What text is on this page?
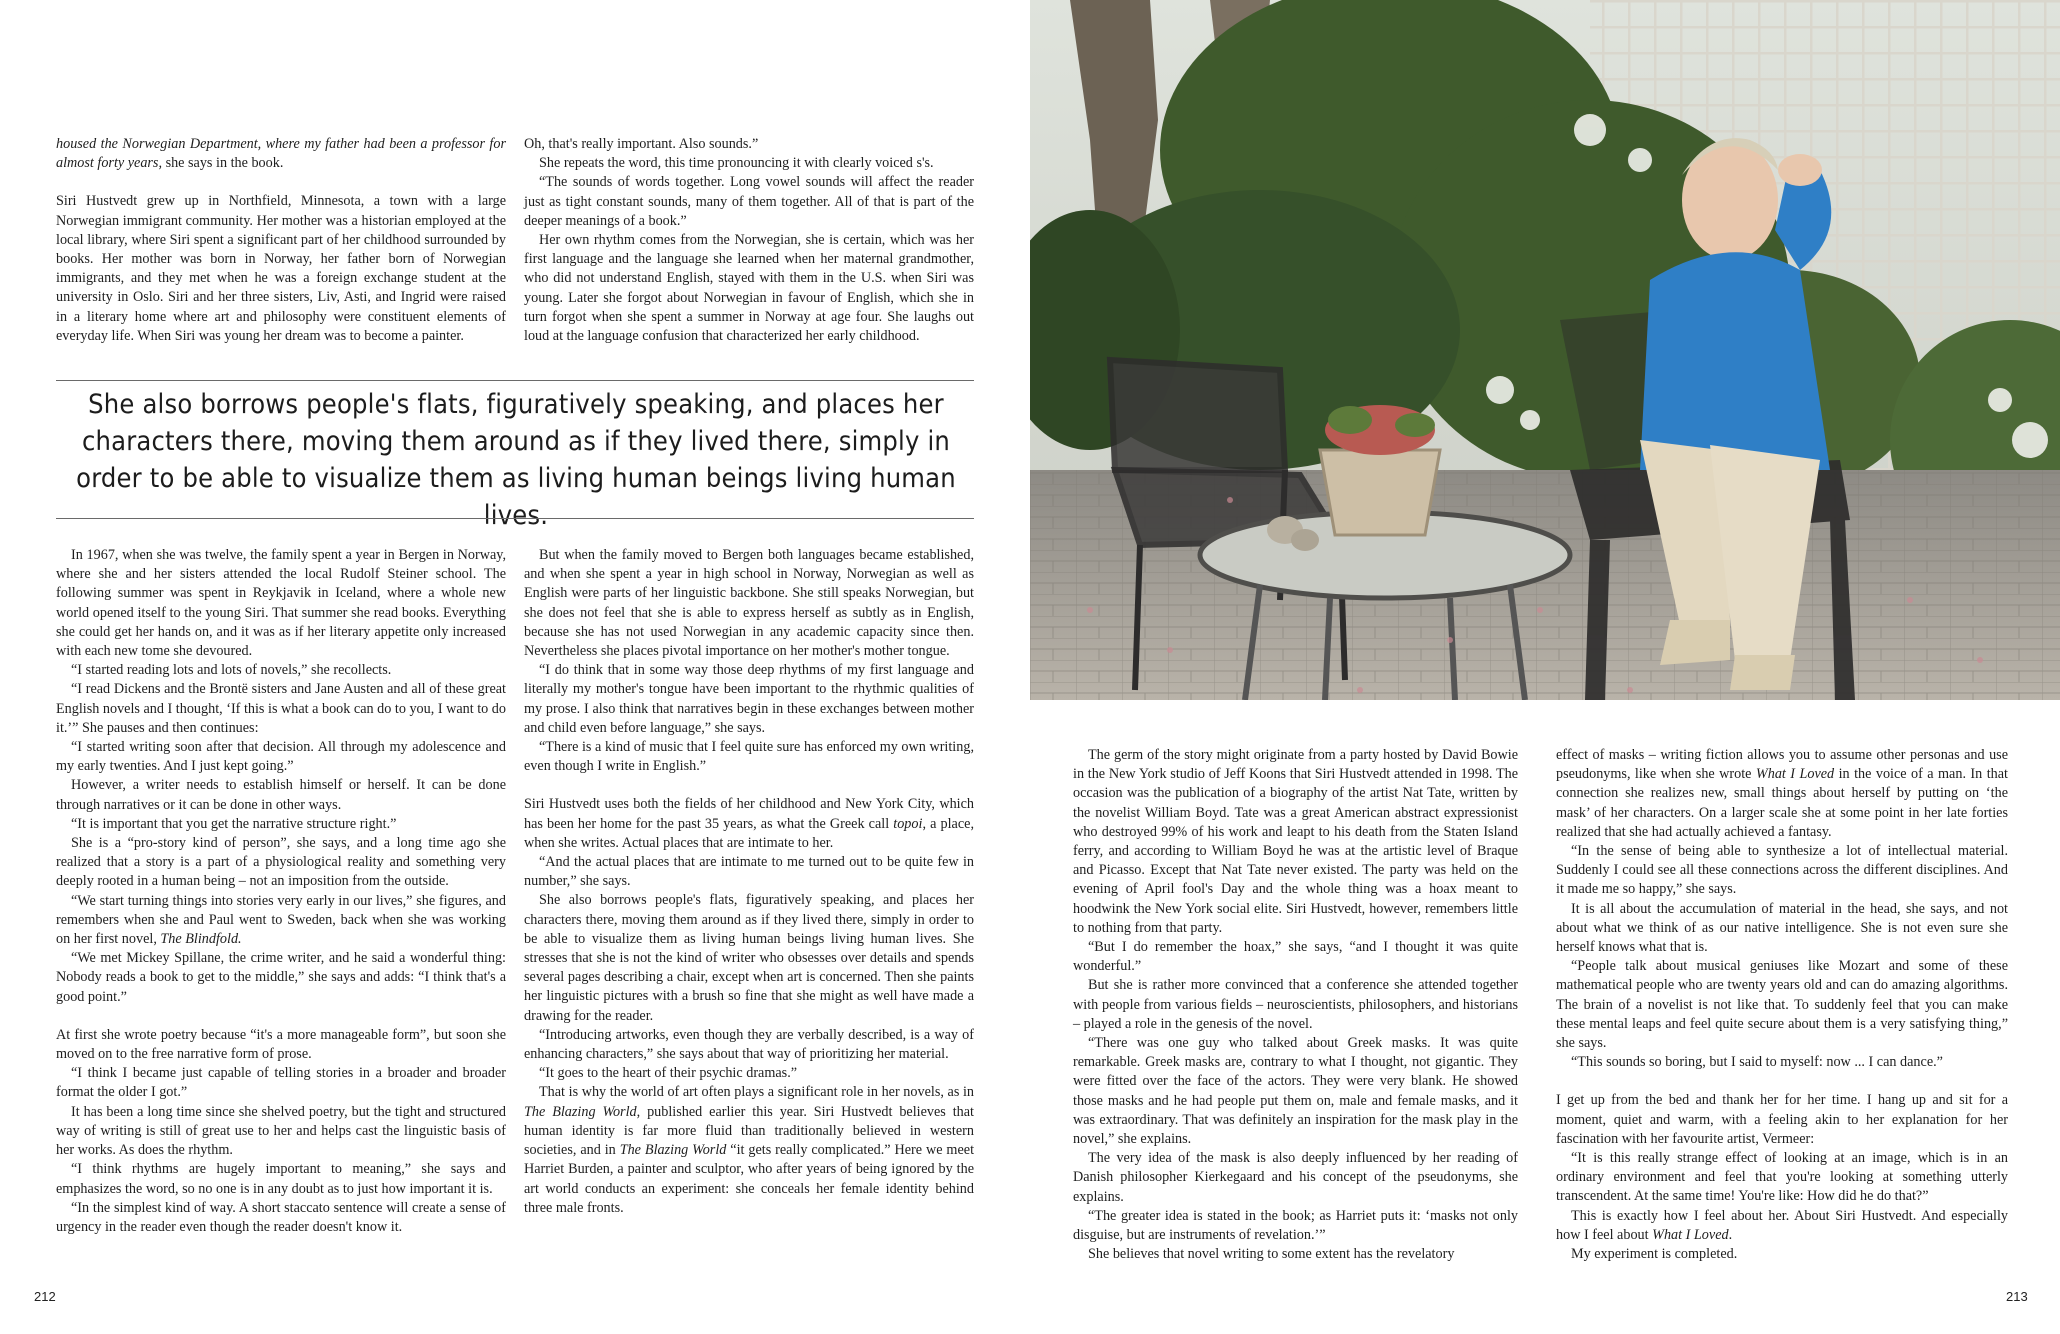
housed the Norwegian Department, where my father had been a professor for almost forty years, she says in the book.

Siri Hustvedt grew up in Northfield, Minnesota, a town with a large Norwegian immigrant community. Her mother was a historian employed at the local library, where Siri spent a significant part of her childhood surrounded by books. Her mother was born in Norway, her father born of Norwegian immigrants, and they met when he was a foreign exchange student at the university in Oslo. Siri and her three sisters, Liv, Asti, and Ingrid were raised in a literary home where art and philosophy were constituent elements of everyday life. When Siri was young her dream was to become a painter.

Oh, that's really important. Also sounds.”

She repeats the word, this time pronouncing it with clearly voiced s's.

“The sounds of words together. Long vowel sounds will affect the reader just as tight constant sounds, many of them together. All of that is part of the deeper meanings of a book.”

Her own rhythm comes from the Norwegian, she is certain, which was her first language and the language she learned when her maternal grandmother, who did not understand English, stayed with them in the U.S. when Siri was young. Later she forgot about Norwegian in favour of English, which she in turn forgot when she spent a summer in Norway at age four. She laughs out loud at the language confusion that characterized her early childhood.

She also borrows people's flats, figuratively speaking, and places her characters there, moving them around as if they lived there, simply in order to be able to visualize them as living human beings living human lives.

In 1967, when she was twelve, the family spent a year in Bergen in Norway, where she and her sisters attended the local Rudolf Steiner school. The following summer was spent in Reykjavik in Iceland, where a whole new world opened itself to the young Siri. That summer she read books. Everything she could get her hands on, and it was as if her literary appetite only increased with each new tome she devoured.

“I started reading lots and lots of novels,” she recollects.

“I read Dickens and the Brontë sisters and Jane Austen and all of these great English novels and I thought, ‘If this is what a book can do to you, I want to do it.’” She pauses and then continues:

“I started writing soon after that decision. All through my adolescence and my early twenties. And I just kept going.”

However, a writer needs to establish himself or herself. It can be done through narratives or it can be done in other ways.

“It is important that you get the narrative structure right.”

She is a “pro-story kind of person”, she says, and a long time ago she realized that a story is a part of a physiological reality and something very deeply rooted in a human being – not an imposition from the outside.

“We start turning things into stories very early in our lives,” she figures, and remembers when she and Paul went to Sweden, back when she was working on her first novel, The Blindfold.

“We met Mickey Spillane, the crime writer, and he said a wonderful thing: Nobody reads a book to get to the middle,” she says and adds: “I think that's a good point.”

At first she wrote poetry because “it's a more manageable form”, but soon she moved on to the free narrative form of prose.

“I think I became just capable of telling stories in a broader and broader format the older I got.”

It has been a long time since she shelved poetry, but the tight and structured way of writing is still of great use to her and helps cast the linguistic basis of her works. As does the rhythm.

“I think rhythms are hugely important to meaning,” she says and emphasizes the word, so no one is in any doubt as to just how important it is.

“In the simplest kind of way. A short staccato sentence will create a sense of urgency in the reader even though the reader doesn't know it.

But when the family moved to Bergen both languages became established, and when she spent a year in high school in Norway, Norwegian as well as English were parts of her linguistic backbone. She still speaks Norwegian, but she does not feel that she is able to express herself as subtly as in English, because she has not used Norwegian in any academic capacity since then. Nevertheless she places pivotal importance on her mother's mother tongue.

“I do think that in some way those deep rhythms of my first language and literally my mother's tongue have been important to the rhythmic qualities of my prose. I also think that narratives begin in these exchanges between mother and child even before language,” she says.

“There is a kind of music that I feel quite sure has enforced my own writing, even though I write in English.”

Siri Hustvedt uses both the fields of her childhood and New York City, which has been her home for the past 35 years, as what the Greek call topoi, a place, when she writes. Actual places that are intimate to her.

“And the actual places that are intimate to me turned out to be quite few in number,” she says.

She also borrows people's flats, figuratively speaking, and places her characters there, moving them around as if they lived there, simply in order to be able to visualize them as living human beings living human lives. She stresses that she is not the kind of writer who obsesses over details and spends several pages describing a chair, except when art is concerned. Then she paints her linguistic pictures with a brush so fine that she might as well have made a drawing for the reader.

“Introducing artworks, even though they are verbally described, is a way of enhancing characters,” she says about that way of prioritizing her material.

“It goes to the heart of their psychic dramas.”

That is why the world of art often plays a significant role in her novels, as in The Blazing World, published earlier this year. Siri Hustvedt believes that human identity is far more fluid than traditionally believed in western societies, and in The Blazing World “it gets really complicated.” Here we meet Harriet Burden, a painter and sculptor, who after years of being ignored by the art world conducts an experiment: she conceals her female identity behind three male fronts.

212

The germ of the story might originate from a party hosted by David Bowie in the New York studio of Jeff Koons that Siri Hustvedt attended in 1998. The occasion was the publication of a biography of the artist Nat Tate, written by the novelist William Boyd. Tate was a great American abstract expressionist who destroyed 99% of his work and leapt to his death from the Staten Island ferry, and according to William Boyd he was at the artistic level of Braque and Picasso. Except that Nat Tate never existed. The party was held on the evening of April fool's Day and the whole thing was a hoax meant to hoodwink the New York social elite. Siri Hustvedt, however, remembers little to nothing from that party.

“But I do remember the hoax,” she says, “and I thought it was quite wonderful.”

But she is rather more convinced that a conference she attended together with people from various fields – neuroscientists, philosophers, and historians – played a role in the genesis of the novel.

“There was one guy who talked about Greek masks. It was quite remarkable. Greek masks are, contrary to what I thought, not gigantic. They were fitted over the face of the actors. They were very blank. He showed those masks and he had people put them on, male and female masks, and it was extraordinary. That was definitely an inspiration for the mask play in the novel,” she explains.

The very idea of the mask is also deeply influenced by her reading of Danish philosopher Kierkegaard and his concept of the pseudonyms, she explains.

“The greater idea is stated in the book; as Harriet puts it: ‘masks not only disguise, but are instruments of revelation.’”

She believes that novel writing to some extent has the revelatory

effect of masks – writing fiction allows you to assume other personas and use pseudonyms, like when she wrote What I Loved in the voice of a man. In that connection she realizes new, small things about herself by putting on ‘the mask’ of her characters. On a larger scale she at some point in her late forties realized that she had actually achieved a fantasy.

“In the sense of being able to synthesize a lot of intellectual material. Suddenly I could see all these connections across the different disciplines. And it made me so happy,” she says.

It is all about the accumulation of material in the head, she says, and not about what we think of as our native intelligence. She is not even sure she herself knows what that is.

“People talk about musical geniuses like Mozart and some of these mathematical people who are twenty years old and can do amazing algorithms. The brain of a novelist is not like that. To suddenly feel that you can make these mental leaps and feel quite secure about them is a very satisfying thing,” she says.

“This sounds so boring, but I said to myself: now ... I can dance.”

I get up from the bed and thank her for her time. I hang up and sit for a moment, quiet and warm, with a feeling akin to her explanation for her fascination with her favourite artist, Vermeer:

“It is this really strange effect of looking at an image, which is in an ordinary environment and feel that you're looking at something utterly transcendent. At the same time! You're like: How did he do that?”

This is exactly how I feel about her. About Siri Hustvedt. And especially how I feel about What I Loved.

My experiment is completed.

213
